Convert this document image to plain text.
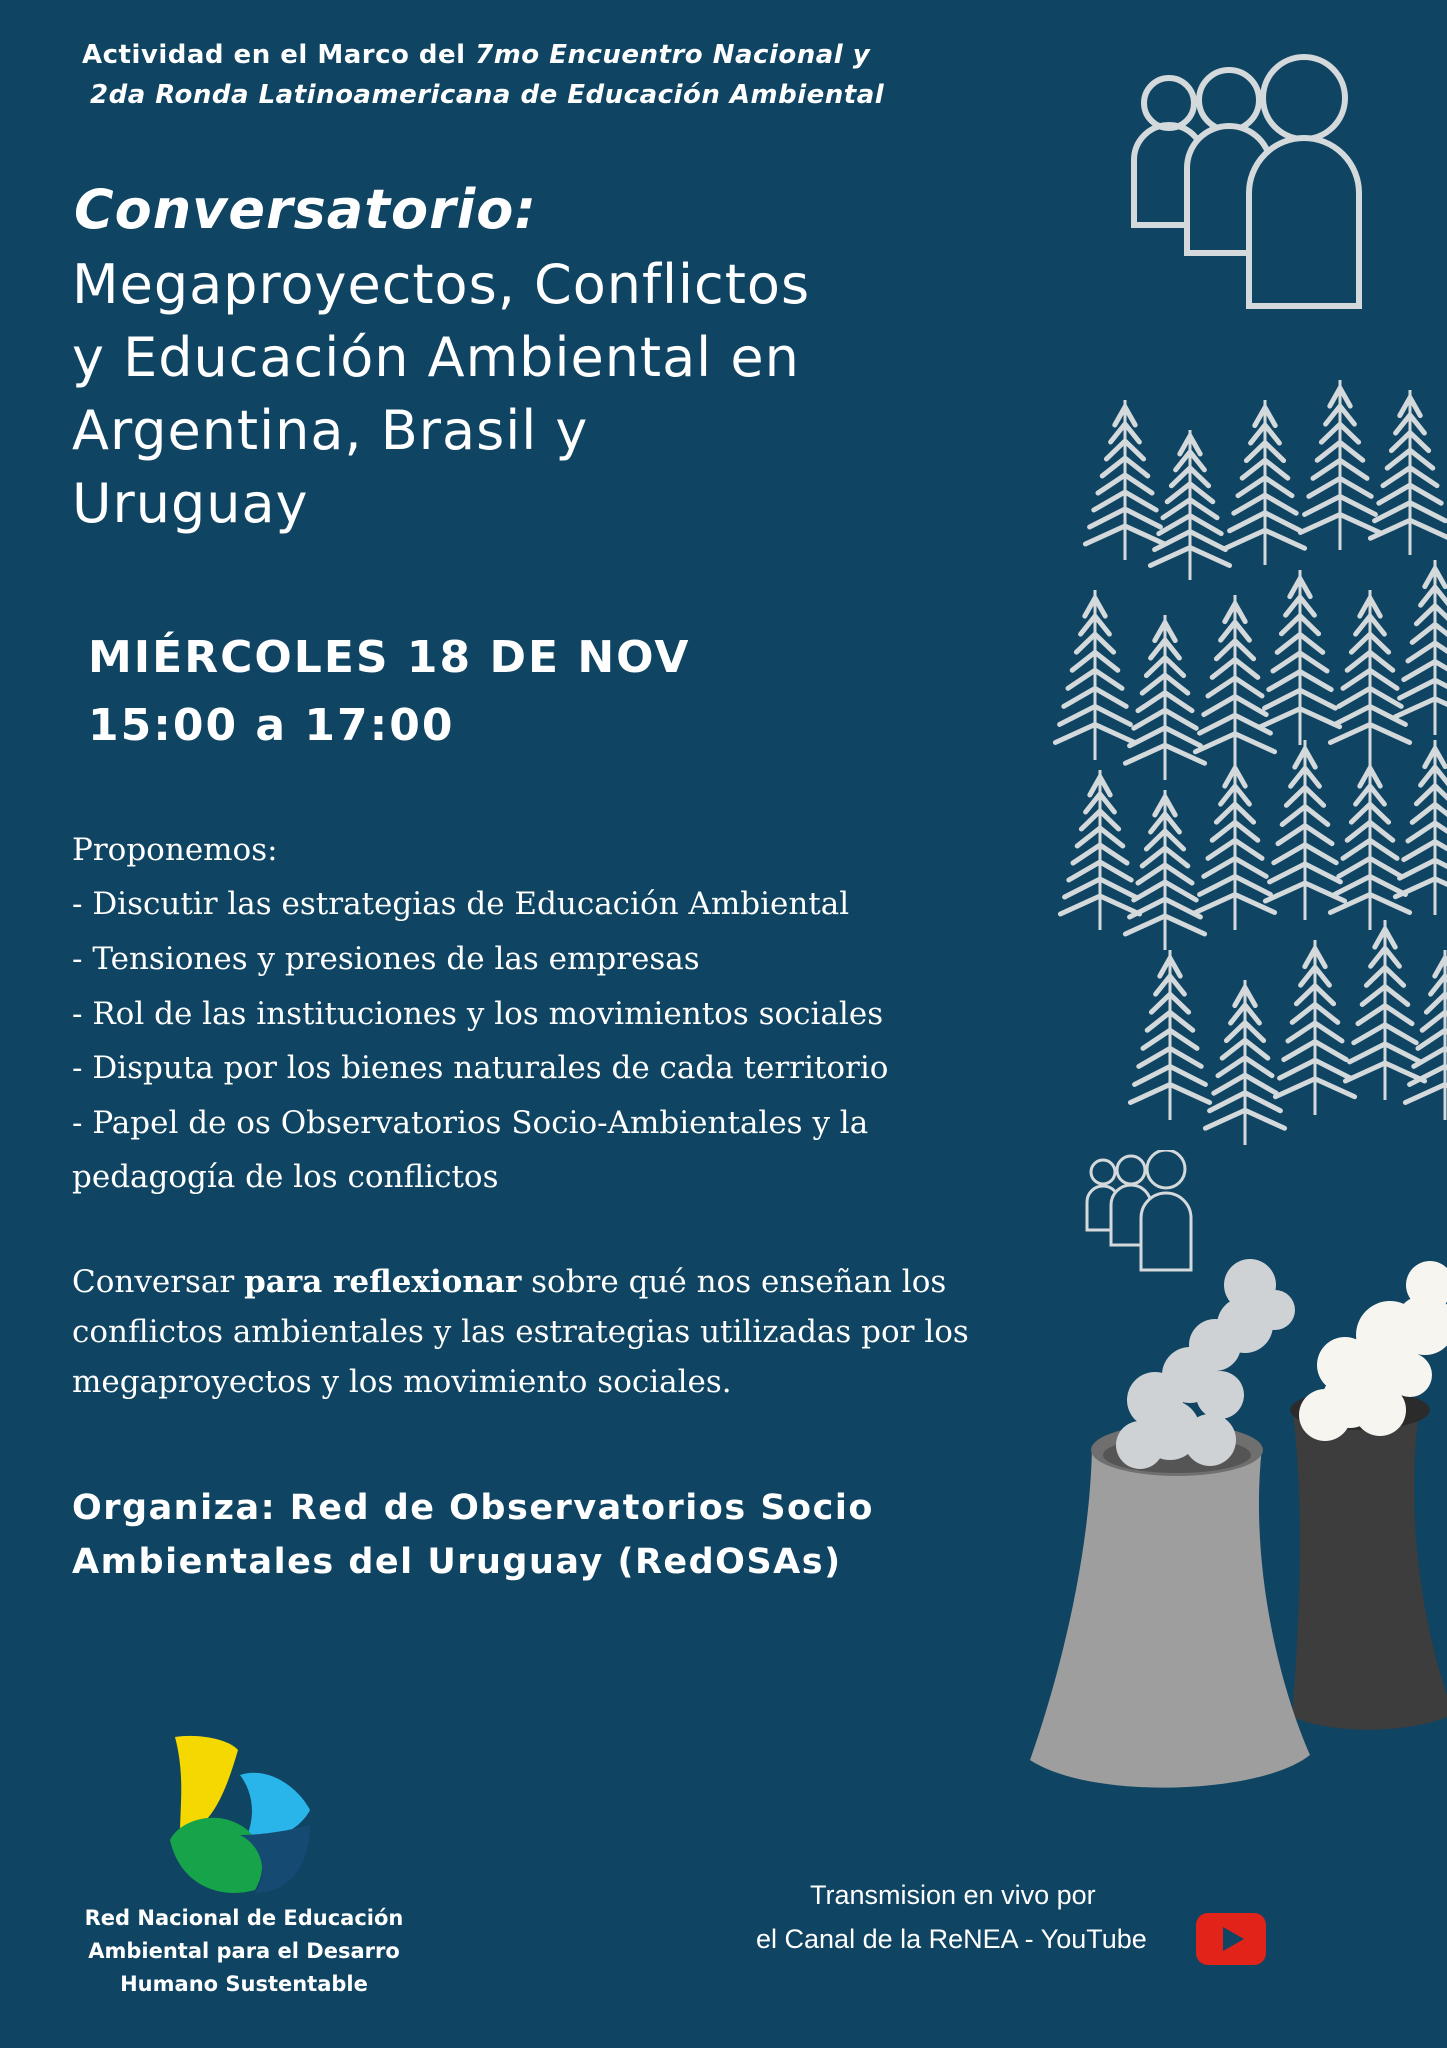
Actividad en el Marco del 7mo Encuentro Nacional y
2da Ronda Latinoamericana de Educación Ambiental
Conversatorio:
Megaproyectos, Conflictos
y Educación Ambiental en
Argentina, Brasil y
Uruguay
MIÉRCOLES 18 DE NOV
15:00 a 17:00
Proponemos:
- Discutir las estrategias de Educación Ambiental
- Tensiones y presiones de las empresas
- Rol de las instituciones y los movimientos sociales
- Disputa por los bienes naturales de cada territorio
- Papel de os Observatorios Socio-Ambientales y la
pedagogía de los conflictos
Conversar para reflexionar sobre qué nos enseñan los
conflictos ambientales y las estrategias utilizadas por los
megaproyectos y los movimiento sociales.
Organiza: Red de Observatorios Socio
Ambientales del Uruguay (RedOSAs)
Red Nacional de Educación
Ambiental para el Desarro
Humano Sustentable
Transmision en vivo por
el Canal de la ReNEA - YouTube
